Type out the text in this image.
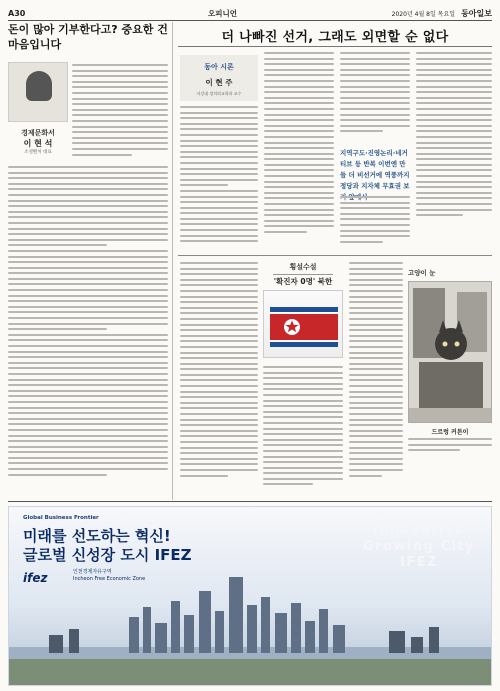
A30	오피니언	2020년 4월 8일 목요일 동아일보
돈이 많아 기부한다고? 중요한 건 마음입니다
경제문화서
이 현 석
소셜벤처 대표
더 나빠진 선거, 그래도 외면할 순 없다
동아 시론
이 현 주
서강대 정치외교학과 교수
지역구도·진영논리·네거티브 등 반복 이번엔 만들 더 비선거에 역풍까지 정당과 지자체 무효권 보
횡설수설
'확진자 0명' 북한
고양이 눈
드르렁 커튼이
Global Business Frontier
미래를 선도하는 혁신!
글로벌 신성장 도시 IFEZ
ifez	인천경제자유구역
Incheon Free Economic Zone
Innovative
Growing City
IFEZ
